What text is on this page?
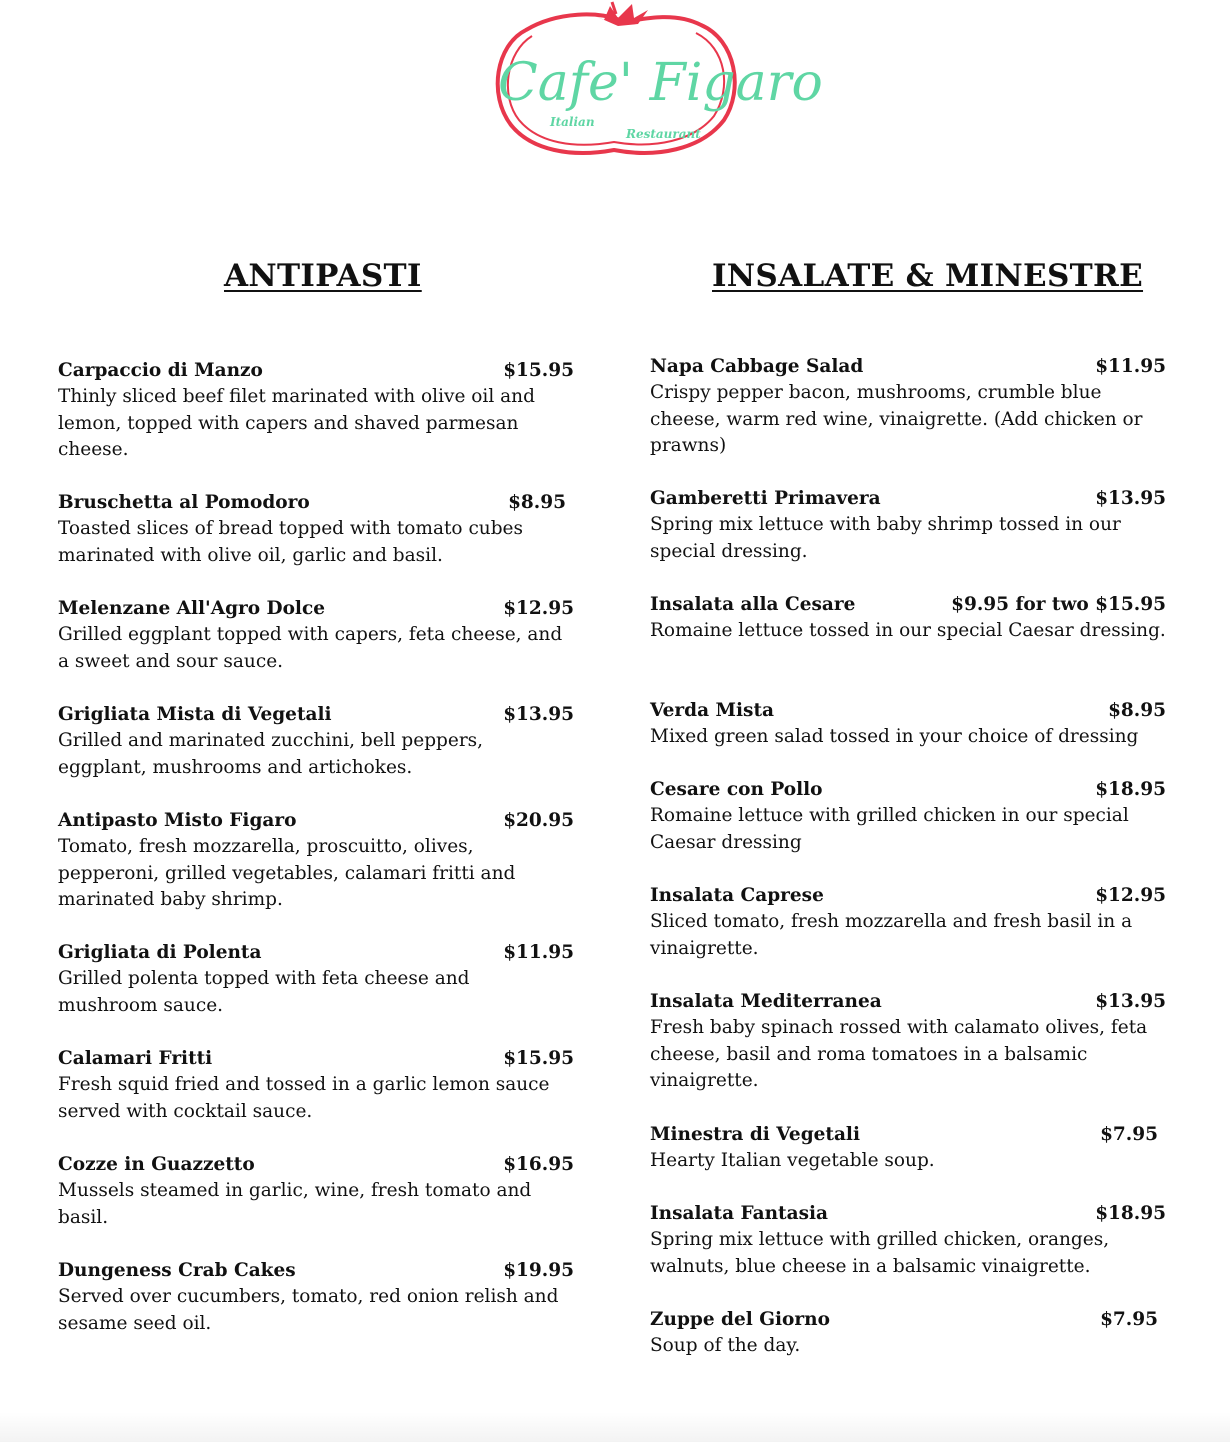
Cafe' Figaro
Italian
Restaurant
ANTIPASTI	INSALATE & MINESTRE
Carpaccio di Manzo	$15.95

Thinly sliced beef filet marinated with olive oil and lemon, topped with capers and shaved parmesan cheese.

Bruschetta al Pomodoro	$8.95

Toasted slices of bread topped with tomato cubes marinated with olive oil, garlic and basil.

Melenzane All'Agro Dolce	$12.95

Grilled eggplant topped with capers, feta cheese, and a sweet and sour sauce.

Grigliata Mista di Vegetali	$13.95

Grilled and marinated zucchini, bell peppers, eggplant, mushrooms and artichokes.

Antipasto Misto Figaro	$20.95

Tomato, fresh mozzarella, proscuitto, olives, pepperoni, grilled vegetables, calamari fritti and marinated baby shrimp.

Grigliata di Polenta	$11.95

Grilled polenta topped with feta cheese and mushroom sauce.

Calamari Fritti	$15.95

Fresh squid fried and tossed in a garlic lemon sauce served with cocktail sauce.

Cozze in Guazzetto	$16.95

Mussels steamed in garlic, wine, fresh tomato and basil.

Dungeness Crab Cakes	$19.95

Served over cucumbers, tomato, red onion relish and sesame seed oil.

Napa Cabbage Salad	$11.95

Crispy pepper bacon, mushrooms, crumble blue cheese, warm red wine, vinaigrette. (Add chicken or prawns)

Gamberetti Primavera	$13.95

Spring mix lettuce with baby shrimp tossed in our special dressing.

Insalata alla Cesare	$9.95 for two $15.95

Romaine lettuce tossed in our special Caesar dressing.

Verda Mista	$8.95

Mixed green salad tossed in your choice of dressing

Cesare con Pollo	$18.95

Romaine lettuce with grilled chicken in our special Caesar dressing

Insalata Caprese	$12.95

Sliced tomato, fresh mozzarella and fresh basil in a vinaigrette.

Insalata Mediterranea	$13.95

Fresh baby spinach rossed with calamato olives, feta cheese, basil and roma tomatoes in a balsamic vinaigrette.

Minestra di Vegetali	$7.95

Hearty Italian vegetable soup.

Insalata Fantasia	$18.95

Spring mix lettuce with grilled chicken, oranges, walnuts, blue cheese in a balsamic vinaigrette.

Zuppe del Giorno	$7.95

Soup of the day.
